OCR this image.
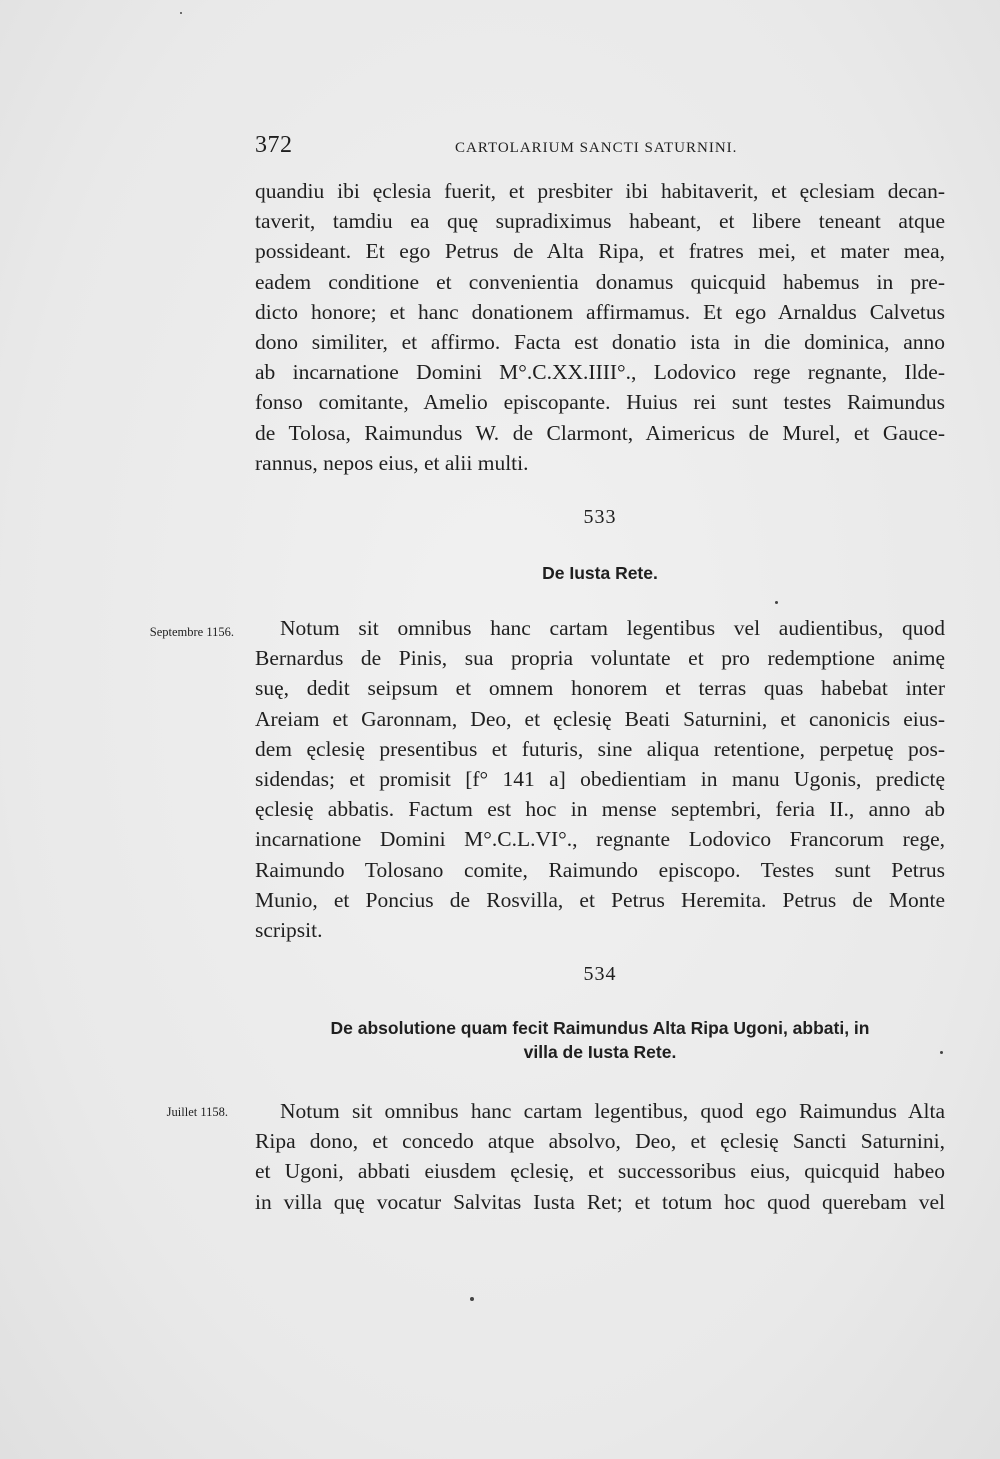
372	CARTOLARIUM SANCTI SATURNINI.
quandiu ibi ęclesia fuerit, et presbiter ibi habitaverit, et ęclesiam decan-
taverit, tamdiu ea quę supradiximus habeant, et libere teneant atque
possideant. Et ego Petrus de Alta Ripa, et fratres mei, et mater mea,
eadem conditione et convenientia donamus quicquid habemus in pre-
dicto honore; et hanc donationem affirmamus. Et ego Arnaldus Calvetus
dono similiter, et affirmo. Facta est donatio ista in die dominica, anno
ab incarnatione Domini M°.C.XX.IIII°., Lodovico rege regnante, Ilde-
fonso comitante, Amelio episcopante. Huius rei sunt testes Raimundus
de Tolosa, Raimundus W. de Clarmont, Aimericus de Murel, et Gauce-
rannus, nepos eius, et alii multi.
533
De Iusta Rete.
Septembre 1156.	Notum sit omnibus hanc cartam legentibus vel audientibus, quod
Bernardus de Pinis, sua propria voluntate et pro redemptione animę
suę, dedit seipsum et omnem honorem et terras quas habebat inter
Areiam et Garonnam, Deo, et ęclesię Beati Saturnini, et canonicis eius-
dem ęclesię presentibus et futuris, sine aliqua retentione, perpetuę pos-
sidendas; et promisit [f° 141 a] obedientiam in manu Ugonis, predictę
ęclesię abbatis. Factum est hoc in mense septembri, feria II., anno ab
incarnatione Domini M°.C.L.VI°., regnante Lodovico Francorum rege,
Raimundo Tolosano comite, Raimundo episcopo. Testes sunt Petrus
Munio, et Poncius de Rosvilla, et Petrus Heremita. Petrus de Monte
scripsit.
534
De absolutione quam fecit Raimundus Alta Ripa Ugoni, abbati, in
villa de Iusta Rete.
Juillet 1158.	Notum sit omnibus hanc cartam legentibus, quod ego Raimundus Alta
Ripa dono, et concedo atque absolvo, Deo, et ęclesię Sancti Saturnini,
et Ugoni, abbati eiusdem ęclesię, et successoribus eius, quicquid habeo
in villa quę vocatur Salvitas Iusta Ret; et totum hoc quod querebam vel
